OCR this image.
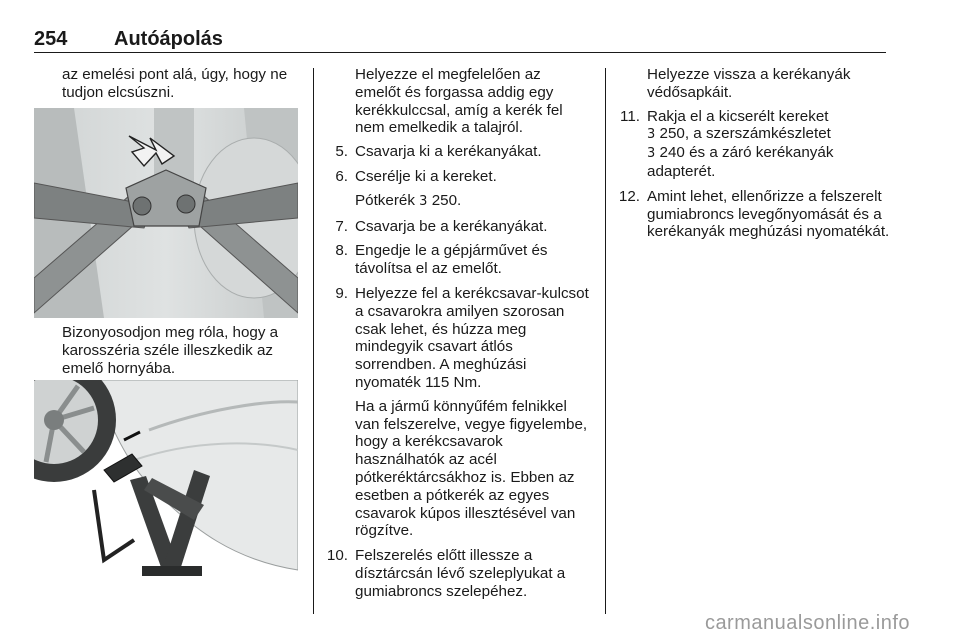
254 Autóápolás

az emelési pont alá, úgy, hogy ne tudjon elcsúszni.

Bizonyosodjon meg róla, hogy a karosszéria széle illeszkedik az emelő hornyába.

Helyezze el megfelelően az emelőt és forgassa addig egy kerékkulccsal, amíg a kerék fel nem emelkedik a talajról.

5. Csavarja ki a kerékanyákat.
6. Cserélje ki a kereket.
Pótkerék 3 250.
7. Csavarja be a kerékanyákat.
8. Engedje le a gépjárművet és távolítsa el az emelőt.
9. Helyezze fel a kerékcsavar-kulcsot a csavarokra amilyen szorosan csak lehet, és húzza meg mindegyik csavart átlós sorrendben. A meghúzási nyomaték 115 Nm.
Ha a jármű könnyűfém felnikkel van felszerelve, vegye figyelembe, hogy a kerékcsavarok használhatók az acél pótkeréktárcsákhoz is. Ebben az esetben a pótkerék az egyes csavarok kúpos illesztésével van rögzítve.
10. Felszerelés előtt illessze a dísztárcsán lévő szeleplyukat a gumiabroncs szelepéhez.

Helyezze vissza a kerékanyák védősapkáit.

11. Rakja el a kicserélt kereket
3 250, a szerszámkészletet
3 240 és a záró kerékanyák adapterét.
12. Amint lehet, ellenőrizze a felszerelt gumiabroncs levegőnyomását és a kerékanyák meghúzási nyomatékát.
carmanualsonline.info
